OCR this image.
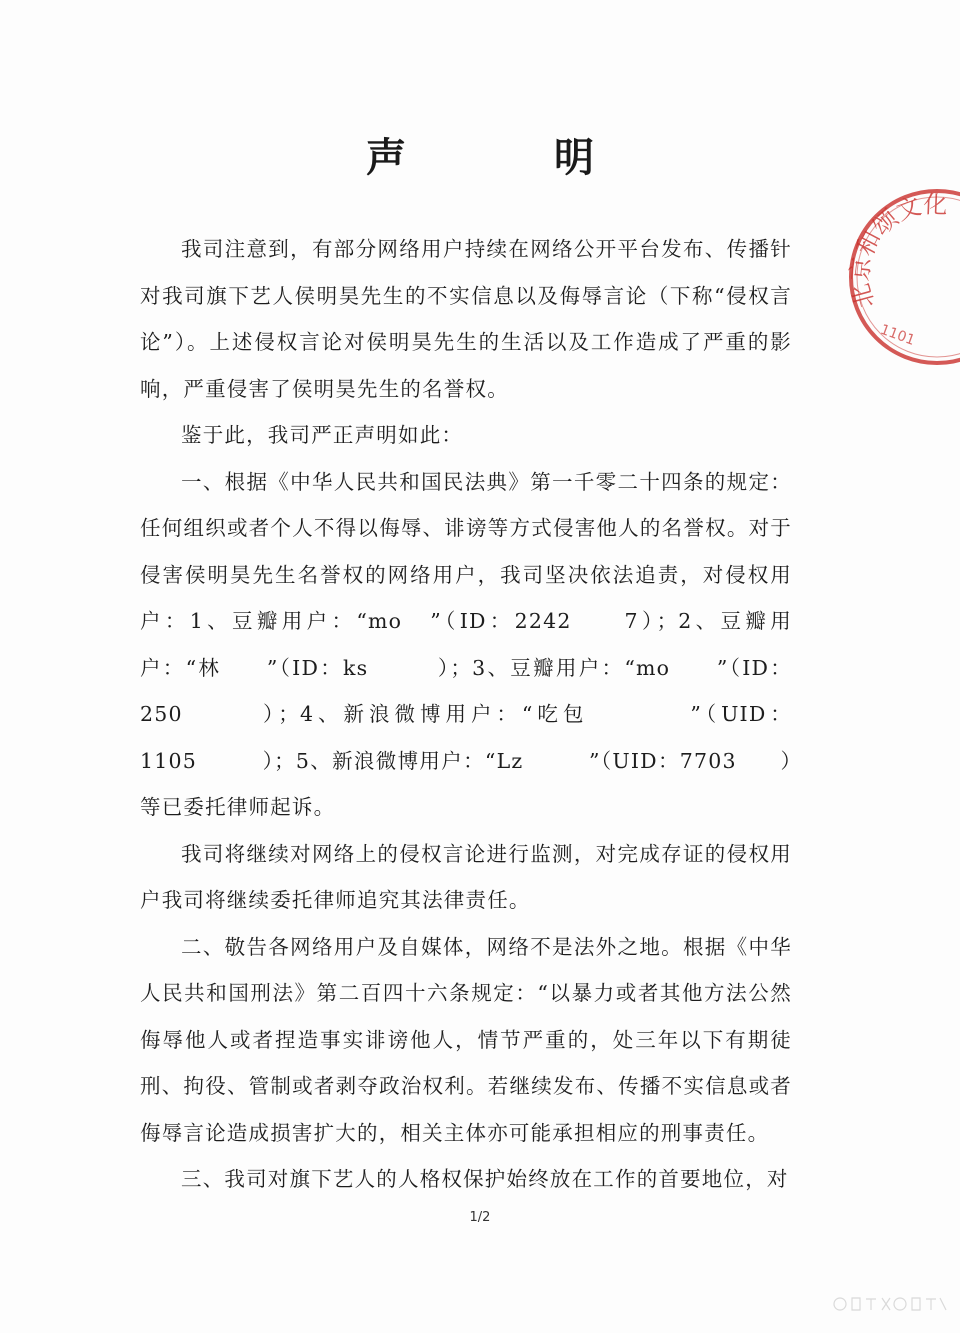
声　明

我司注意到，有部分网络用户持续在网络公开平台发布、传播针对我司旗下艺人侯明昊先生的不实信息以及侮辱言论（下称“侵权言论”）。上述侵权言论对侯明昊先生的生活以及工作造成了严重的影响，严重侵害了侯明昊先生的名誉权。

鉴于此，我司严正声明如此：

一、根据《中华人民共和国民法典》第一千零二十四条的规定：任何组织或者个人不得以侮辱、诽谤等方式侵害他人的名誉权。对于侵害侯明昊先生名誉权的网络用户，我司坚决依法追责，对侵权用户：1、豆瓣用户：“mo　”（ID：2242　　7）；2、豆瓣用户：“林　　”（ID：ks　　　）；3、豆瓣用户：“mo　　”（ID：250　　　）；4、新浪微博用户：“吃包　　　　”（UID：1105　　　）；5、新浪微博用户：“Lz　　　”（UID：7703　　）等已委托律师起诉。

我司将继续对网络上的侵权言论进行监测，对完成存证的侵权用户我司将继续委托律师追究其法律责任。

二、敬告各网络用户及自媒体，网络不是法外之地。根据《中华人民共和国刑法》第二百四十六条规定：“以暴力或者其他方法公然侮辱他人或者捏造事实诽谤他人，情节严重的，处三年以下有期徒刑、拘役、管制或者剥夺政治权利。若继续发布、传播不实信息或者侮辱言论造成损害扩大的，相关主体亦可能承担相应的刑事责任。

三、我司对旗下艺人的人格权保护始终放在工作的首要地位，对

1/2
北京和颂文化
1101
